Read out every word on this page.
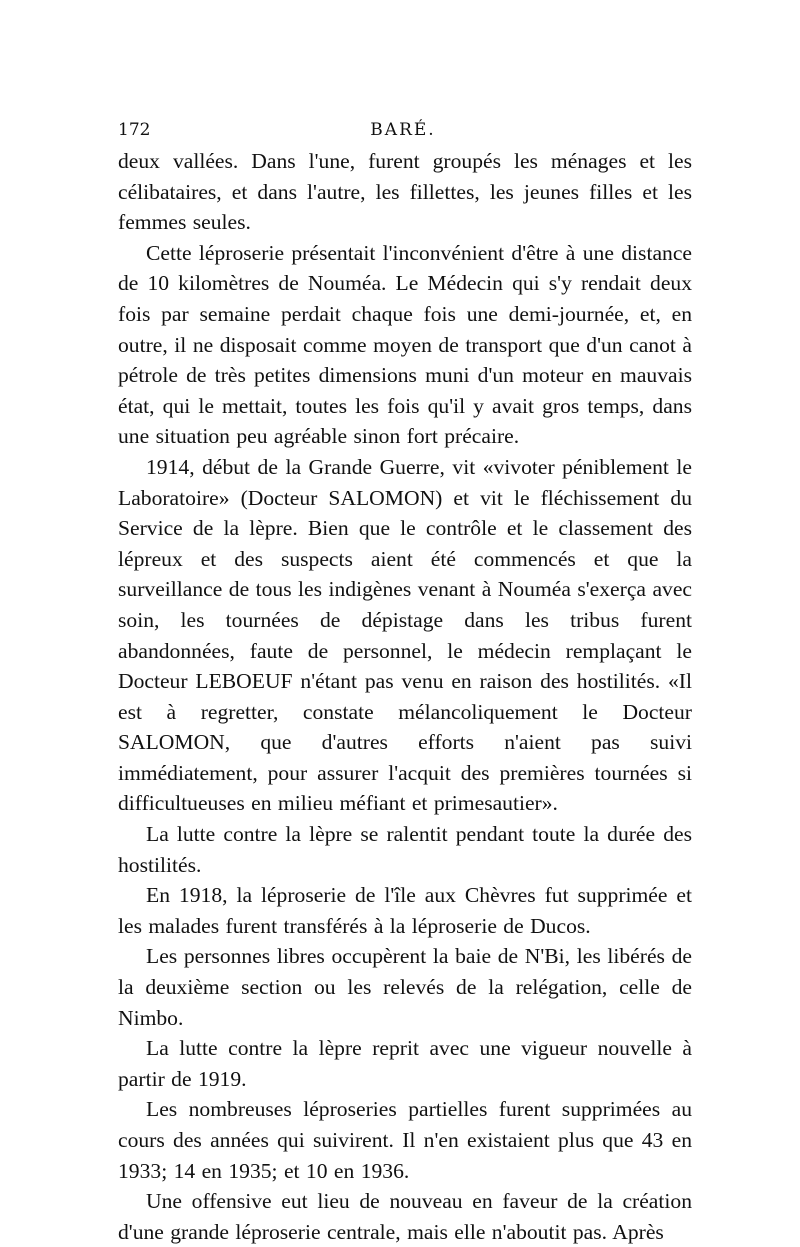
172	BARÉ.

deux vallées. Dans l'une, furent groupés les ménages et les célibataires, et dans l'autre, les fillettes, les jeunes filles et les femmes seules.

Cette léproserie présentait l'inconvénient d'être à une distance de 10 kilomètres de Nouméa. Le Médecin qui s'y rendait deux fois par semaine perdait chaque fois une demi-journée, et, en outre, il ne disposait comme moyen de transport que d'un canot à pétrole de très petites dimensions muni d'un moteur en mauvais état, qui le mettait, toutes les fois qu'il y avait gros temps, dans une situation peu agréable sinon fort précaire.

1914, début de la Grande Guerre, vit «vivoter péniblement le Laboratoire» (Docteur SALOMON) et vit le fléchissement du Service de la lèpre. Bien que le contrôle et le classement des lépreux et des suspects aient été commencés et que la surveillance de tous les indigènes venant à Nouméa s'exerça avec soin, les tournées de dépistage dans les tribus furent abandonnées, faute de personnel, le médecin remplaçant le Docteur LEBOEUF n'étant pas venu en raison des hostilités. «Il est à regretter, constate mélancoliquement le Docteur SALOMON, que d'autres efforts n'aient pas suivi immédiatement, pour assurer l'acquit des premières tournées si difficultueuses en milieu méfiant et primesautier».

La lutte contre la lèpre se ralentit pendant toute la durée des hostilités.

En 1918, la léproserie de l'île aux Chèvres fut supprimée et les malades furent transférés à la léproserie de Ducos.

Les personnes libres occupèrent la baie de N'Bi, les libérés de la deuxième section ou les relevés de la relégation, celle de Nimbo.

La lutte contre la lèpre reprit avec une vigueur nouvelle à partir de 1919.

Les nombreuses léproseries partielles furent supprimées au cours des années qui suivirent. Il n'en existaient plus que 43 en 1933; 14 en 1935; et 10 en 1936.

Une offensive eut lieu de nouveau en faveur de la création d'une grande léproserie centrale, mais elle n'aboutit pas. Après
